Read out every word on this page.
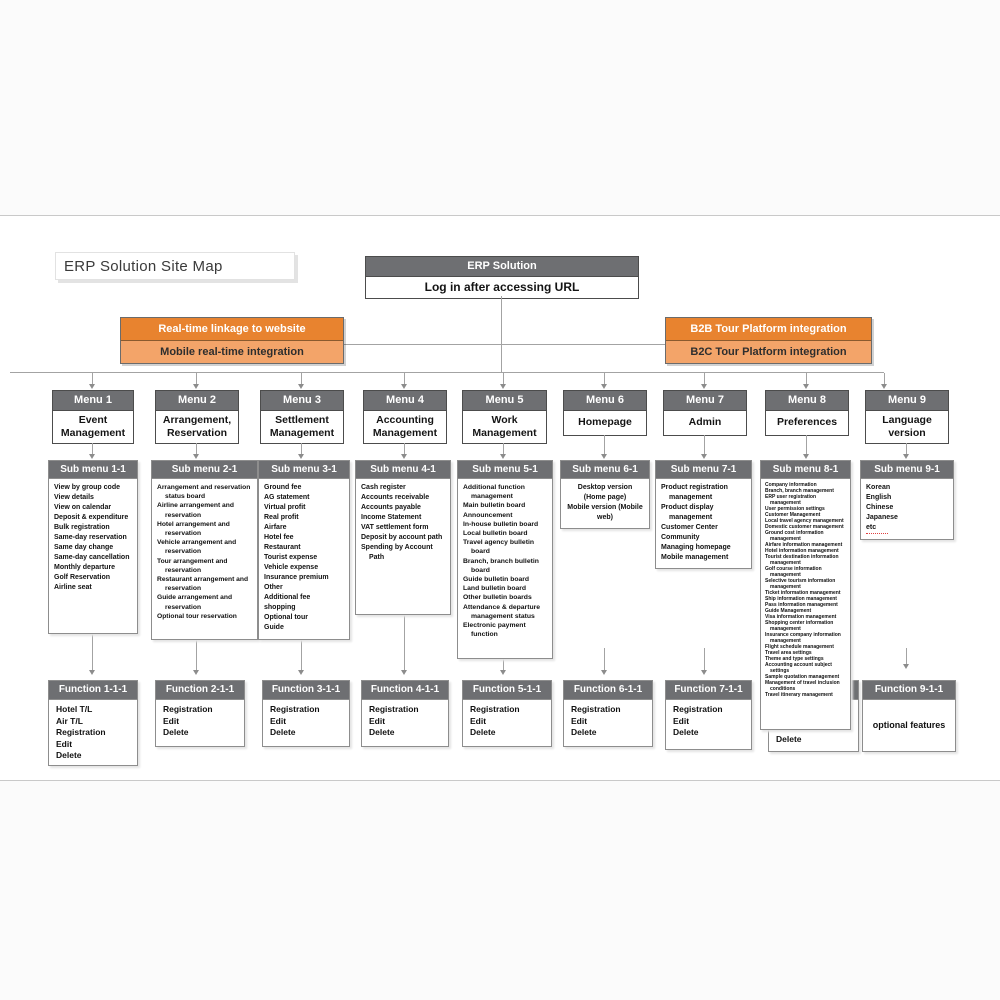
ERP Solution Site Map	ERP Solution
Log in after accessing URL
Real-time linkage to website
Mobile real-time integration
B2B Tour Platform integration
B2C Tour Platform integration
Menu 1
Event Management
Menu 2
Arrangement, Reservation
Menu 3
Settlement Management
Menu 4
Accounting Management
Menu 5
Work Management
Menu 6
Homepage
Menu 7
Admin
Menu 8
Preferences
Menu 9
Language version
Sub menu 1-1
View by group code
View details
View on calendar
Deposit & expenditure
Bulk registration
Same-day reservation
Same day change
Same-day cancellation
Monthly departure
Golf Reservation
Airline seat
Sub menu 2-1
Arrangement and reservation status board
Airline arrangement and reservation
Hotel arrangement and reservation
Vehicle arrangement and reservation
Tour arrangement and reservation
Restaurant arrangement and reservation
Guide arrangement and reservation
Optional tour reservation
Sub menu 3-1
Ground fee
AG statement
Virtual profit
Real profit
Airfare
Hotel fee
Restaurant
Tourist expense
Vehicle expense
Insurance premium
Other
Additional fee
shopping
Optional tour
Guide
Sub menu 4-1
Cash register
Accounts receivable
Accounts payable
Income Statement
VAT settlement form
Deposit by account path
Spending by Account Path
Sub menu 5-1
Additional function management
Main bulletin board
Announcement
In-house bulletin board
Local bulletin board
Travel agency bulletin board
Branch, branch bulletin board
Guide bulletin board
Land bulletin board
Other bulletin boards
Attendance & departure management status
Electronic payment function
Sub menu 6-1
Desktop version (Home page)
Mobile version (Mobile web)
Sub menu 7-1
Product registration management
Product display management
Customer Center
Community
Managing homepage
Mobile management
Sub menu 8-1
Company information
Branch, branch management
ERP user registration management
User permission settings
Customer Management
Local travel agency management
Domestic customer management
Ground cost information management
Airfare information management
Hotel information management
Tourist destination information management
Golf course information management
Selective tourism information management
Ticket information management
Ship information management
Pass information management
Guide Management
Visa information management
Shopping center information management
Insurance company information management
Flight schedule management
Travel area settings
Theme and type settings
Accounting account subject settings
Sample quotation management
Management of travel inclusion conditions
Travel itinerary management
Sub menu 9-1
Korean
English
Chinese
Japanese
etc
Function 1-1-1
Hotel T/L
Air T/L
Registration
Edit
Delete
Function 2-1-1
Registration
Edit
Delete
Function 3-1-1
Registration
Edit
Delete
Function 4-1-1
Registration
Edit
Delete
Function 5-1-1
Registration
Edit
Delete
Function 6-1-1
Registration
Edit
Delete
Function 7-1-1
Registration
Edit
Delete
Delete
Function 9-1-1
optional features
